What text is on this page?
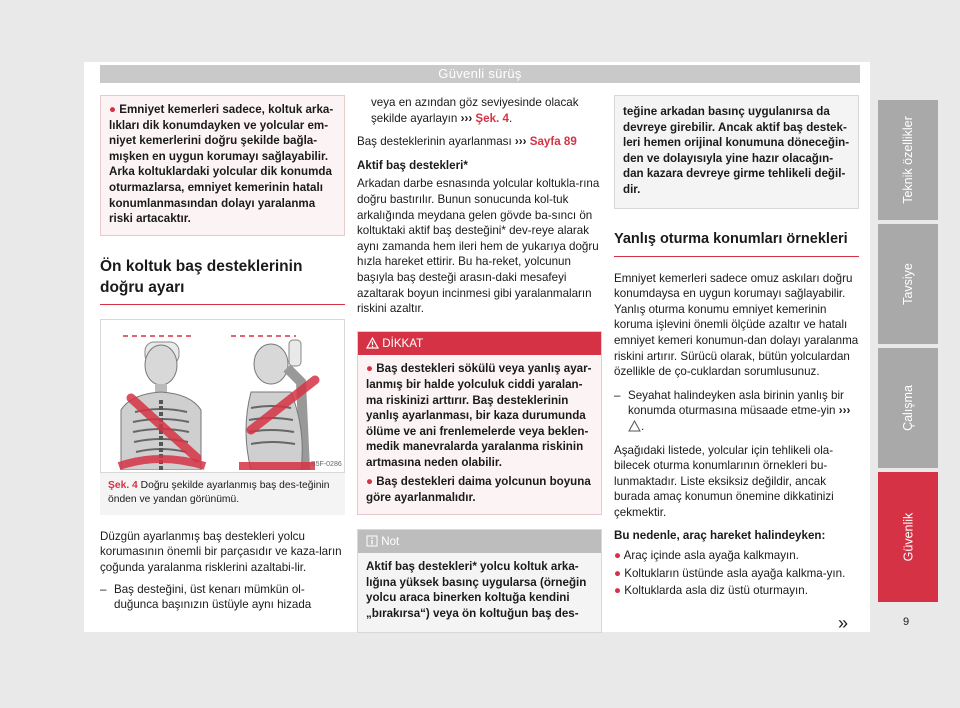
Güvenli sürüş
● Emniyet kemerleri sadece, koltuk arka-lıkları dik konumdayken ve yolcular em-niyet kemerlerini doğru şekilde bağla-mışken en uygun korumayı sağlayabilir. Arka koltuklardaki yolcular dik konumda oturmazlarsa, emniyet kemerinin hatalı konumlanmasından dolayı yaralanma riski artacaktır.
Ön koltuk baş desteklerinin doğru ayarı
B5F-0286
Şek. 4 Doğru şekilde ayarlanmış baş des-teğinin önden ve yandan görünümü.

Düzgün ayarlanmış baş destekleri yolcu korumasının önemli bir parçasıdır ve kaza-ların çoğunda yaralanma risklerini azaltabi-lir.

– Baş desteğini, üst kenarı mümkün ol-duğunca başınızın üstüyle aynı hizada

veya en azından göz seviyesinde olacak şekilde ayarlayın ››› Şek. 4.

Baş desteklerinin ayarlanması ››› Sayfa 89

Aktif baş destekleri*

Arkadan darbe esnasında yolcular koltukla-rına doğru bastırılır. Bunun sonucunda kol-tuk arkalığında meydana gelen gövde ba-sıncı ön koltuktaki aktif baş desteğini* dev-reye alarak aynı zamanda hem ileri hem de yukarıya doğru hızla hareket ettirir. Bu ha-reket, yolcunun başıyla baş desteği arasın-daki mesafeyi azaltarak boyun incinmesi gibi yaralanmaların riskini azaltır.

DİKKAT

● Baş destekleri sökülü veya yanlış ayar-lanmış bir halde yolculuk ciddi yaralan-ma riskinizi arttırır. Baş desteklerinin yanlış ayarlanması, bir kaza durumunda ölüme ve ani frenlemelerde veya beklen-medik manevralarda yaralanma riskinin artmasına neden olabilir.

● Baş destekleri daima yolcunun boyuna göre ayarlanmalıdır.

Not
Aktif baş destekleri* yolcu koltuk arka-lığına yüksek basınç uygularsa (örneğin yolcu araca binerken koltuğa kendini „bırakırsa“) veya ön koltuğun baş des-
teğine arkadan basınç uygulanırsa da devreye girebilir. Ancak aktif baş destek-leri hemen orijinal konumuna döneceğin-den ve dolayısıyla yine hazır olacağın-dan kazara devreye girme tehlikeli değil-dir.
Yanlış oturma konumları örnekleri

Emniyet kemerleri sadece omuz askıları doğru konumdaysa en uygun korumayı sağlayabilir. Yanlış oturma konumu emniyet kemerinin koruma işlevini önemli ölçüde azaltır ve hatalı emniyet kemeri konumun-dan dolayı yaralanma riskini artırır. Sürücü olarak, bütün yolculardan özellikle de ço-cuklardan sorumlusunuz.

– Seyahat halindeyken asla birinin yanlış bir konumda oturmasına müsaade etme-yin ››› .

Aşağıdaki listede, yolcular için tehlikeli ola-bilecek oturma konumlarının örnekleri bu-lunmaktadır. Liste eksiksiz değildir, ancak burada amaç konumun önemine dikkatinizi çekmektir.

Bu nedenle, araç hareket halindeyken:

● Araç içinde asla ayağa kalkmayın.

● Koltukların üstünde asla ayağa kalkma-yın.

● Koltuklarda asla diz üstü oturmayın.

»
Teknik özellikler
Tavsiye
Çalışma
Güvenlik
9
